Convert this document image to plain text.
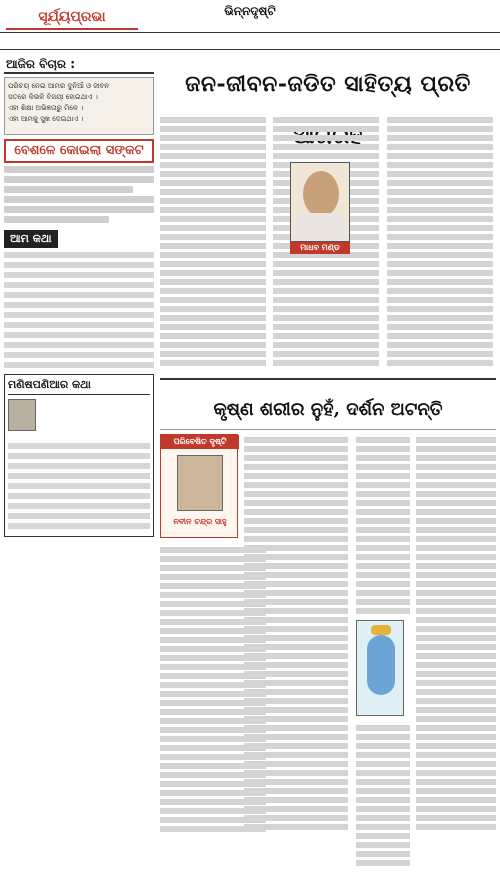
ସୂର୍ଯ୍ୟପ୍ରଭା	ଭିନ୍ନଦୃଷ୍ଟି
ଆଜିର ବିଚାର :
ପରିଚୟ ନେଇ ଆମର ଦୁନିଆଁ ଓ ଜୀବନ
ସତରେ କିଭଳି ବିଜୟୀ ହୋଇଥାଏ ।
ଏହା ଶିକ୍ଷା ଅଭିଜ୍ଞତାରୁ ମିଳେ ।
ଏହା ଆମକୁ ସୁଖ ଦେଇଥାଏ ।
ବେଶଳେ କୋଇଲା ସଙ୍କଟ
ଆମ କଥା
ମଣିଷପଣିଆର କଥା
ଜନ-ଜୀବନ-ଜଡିତ ସାହିତ୍ୟ ପ୍ରତି
ମାଧବ ମଣ୍ଡ
କୃଷ୍ଣ ଶରୀର ନୁହଁ, ଦର୍ଶନ ଅଟନ୍ତି
ପରିବେଷିତ ଦୃଷ୍ଟି
ନବୀନ ଚନ୍ଦ୍ର ସାହୁ
